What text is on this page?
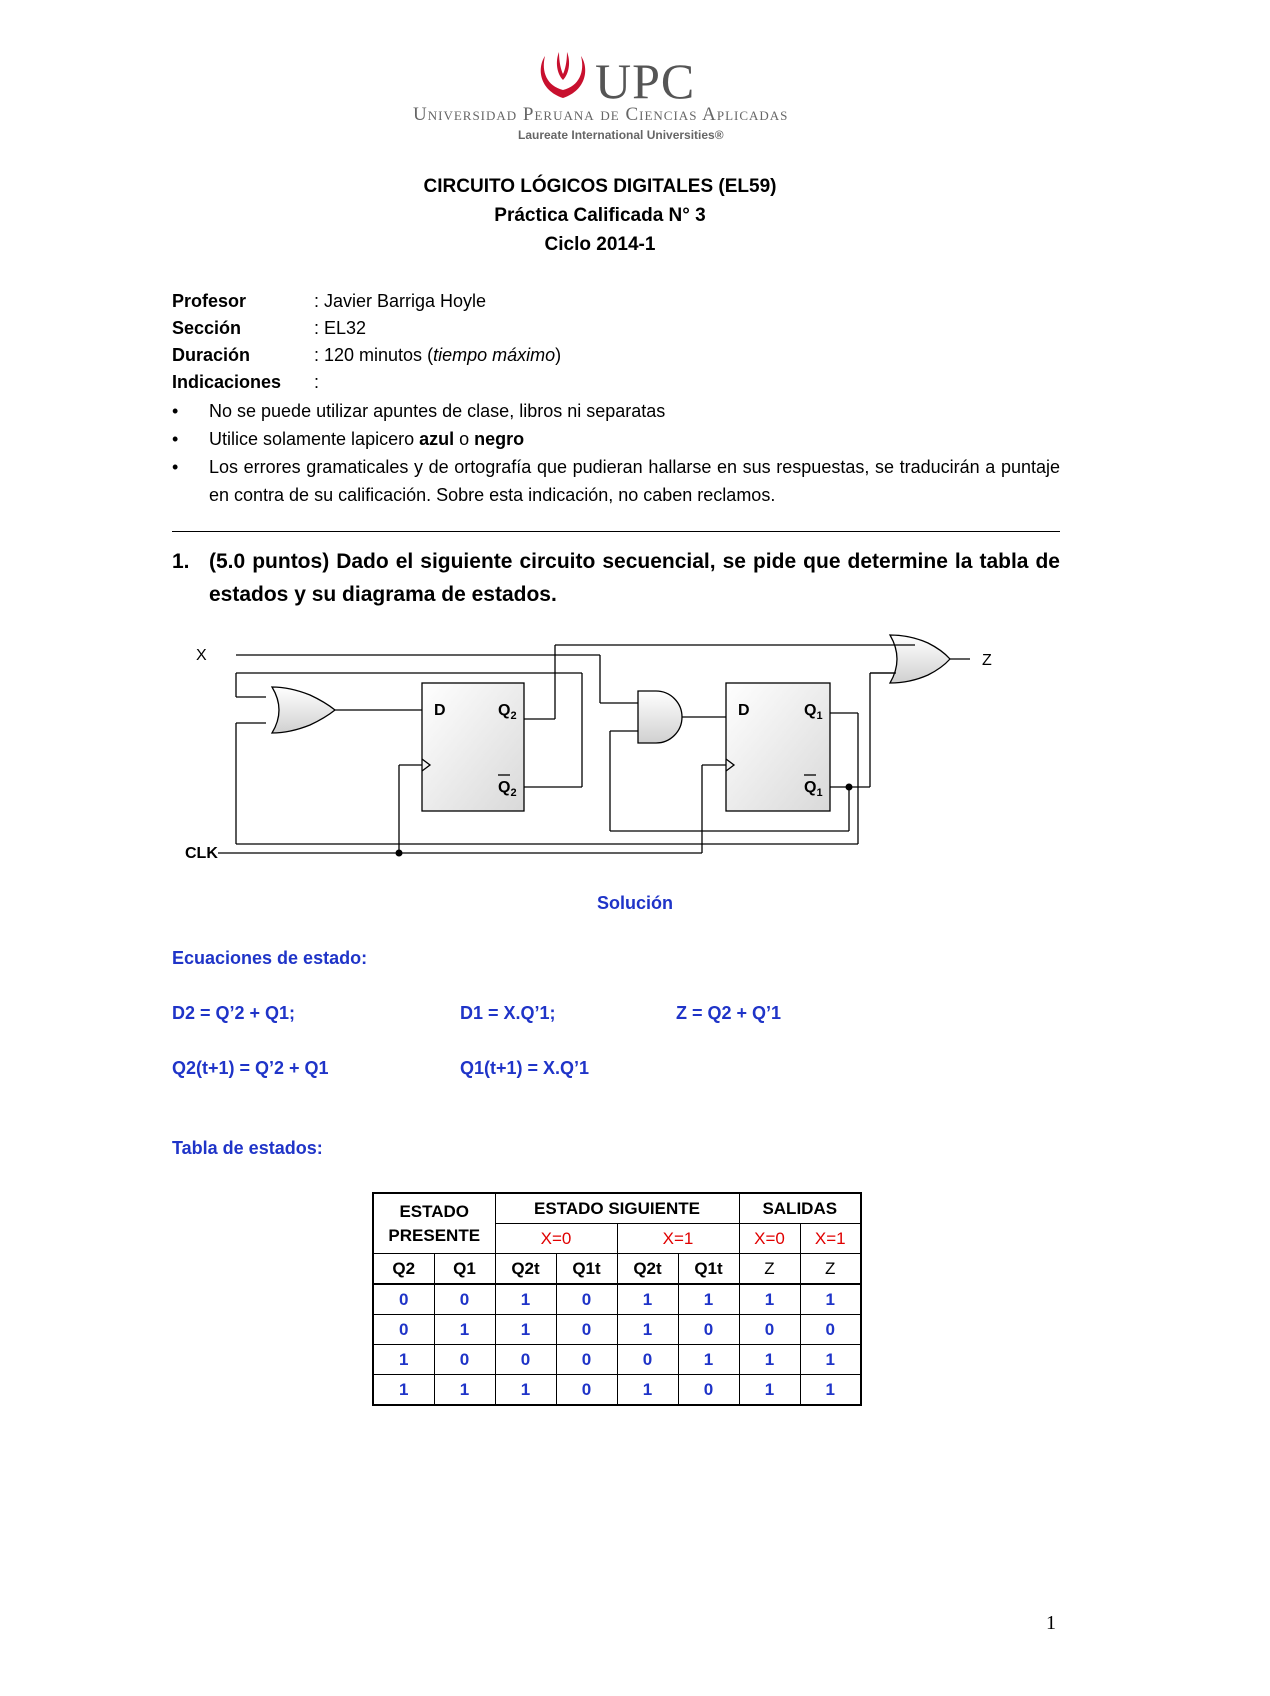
UPC
Universidad Peruana de Ciencias Aplicadas
Laureate International Universities®
CIRCUITO LÓGICOS DIGITALES (EL59)
Práctica Calificada N° 3
Ciclo 2014-1
Profesor	: Javier Barriga Hoyle
Sección	: EL32
Duración	: 120 minutos (tiempo máximo)
Indicaciones	:
•	No se puede utilizar apuntes de clase, libros ni separatas
•	Utilice solamente lapicero azul o negro
•	Los errores gramaticales y de ortografía que pudieran hallarse en sus respuestas, se traducirán a puntaje en contra de su calificación. Sobre esta indicación, no caben reclamos.
1. (5.0 puntos) Dado el siguiente circuito secuencial, se pide que determine la tabla de estados y su diagrama de estados.
X	Z
CLK
D	$Q_2$
$Q_2$
D	$Q_1$
$Q_1$
Solución
Ecuaciones de estado:
D2 = Q’2 + Q1;	D1 = X.Q’1;	Z = Q2 + Q’1
Q2(t+1) = Q’2 + Q1	Q1(t+1) = X.Q’1
Tabla de estados:
ESTADO PRESENTE		ESTADO SIGUIENTE				SALIDAS	
		X=0		X=1		X=0	X=1
Q2	Q1	Q2t	Q1t	Q2t	Q1t	Z	Z
0	0	1	0	1	1	1	1
0	1	1	0	1	0	0	0
1	0	0	0	0	1	1	1
1	1	1	0	1	0	1	1
1
